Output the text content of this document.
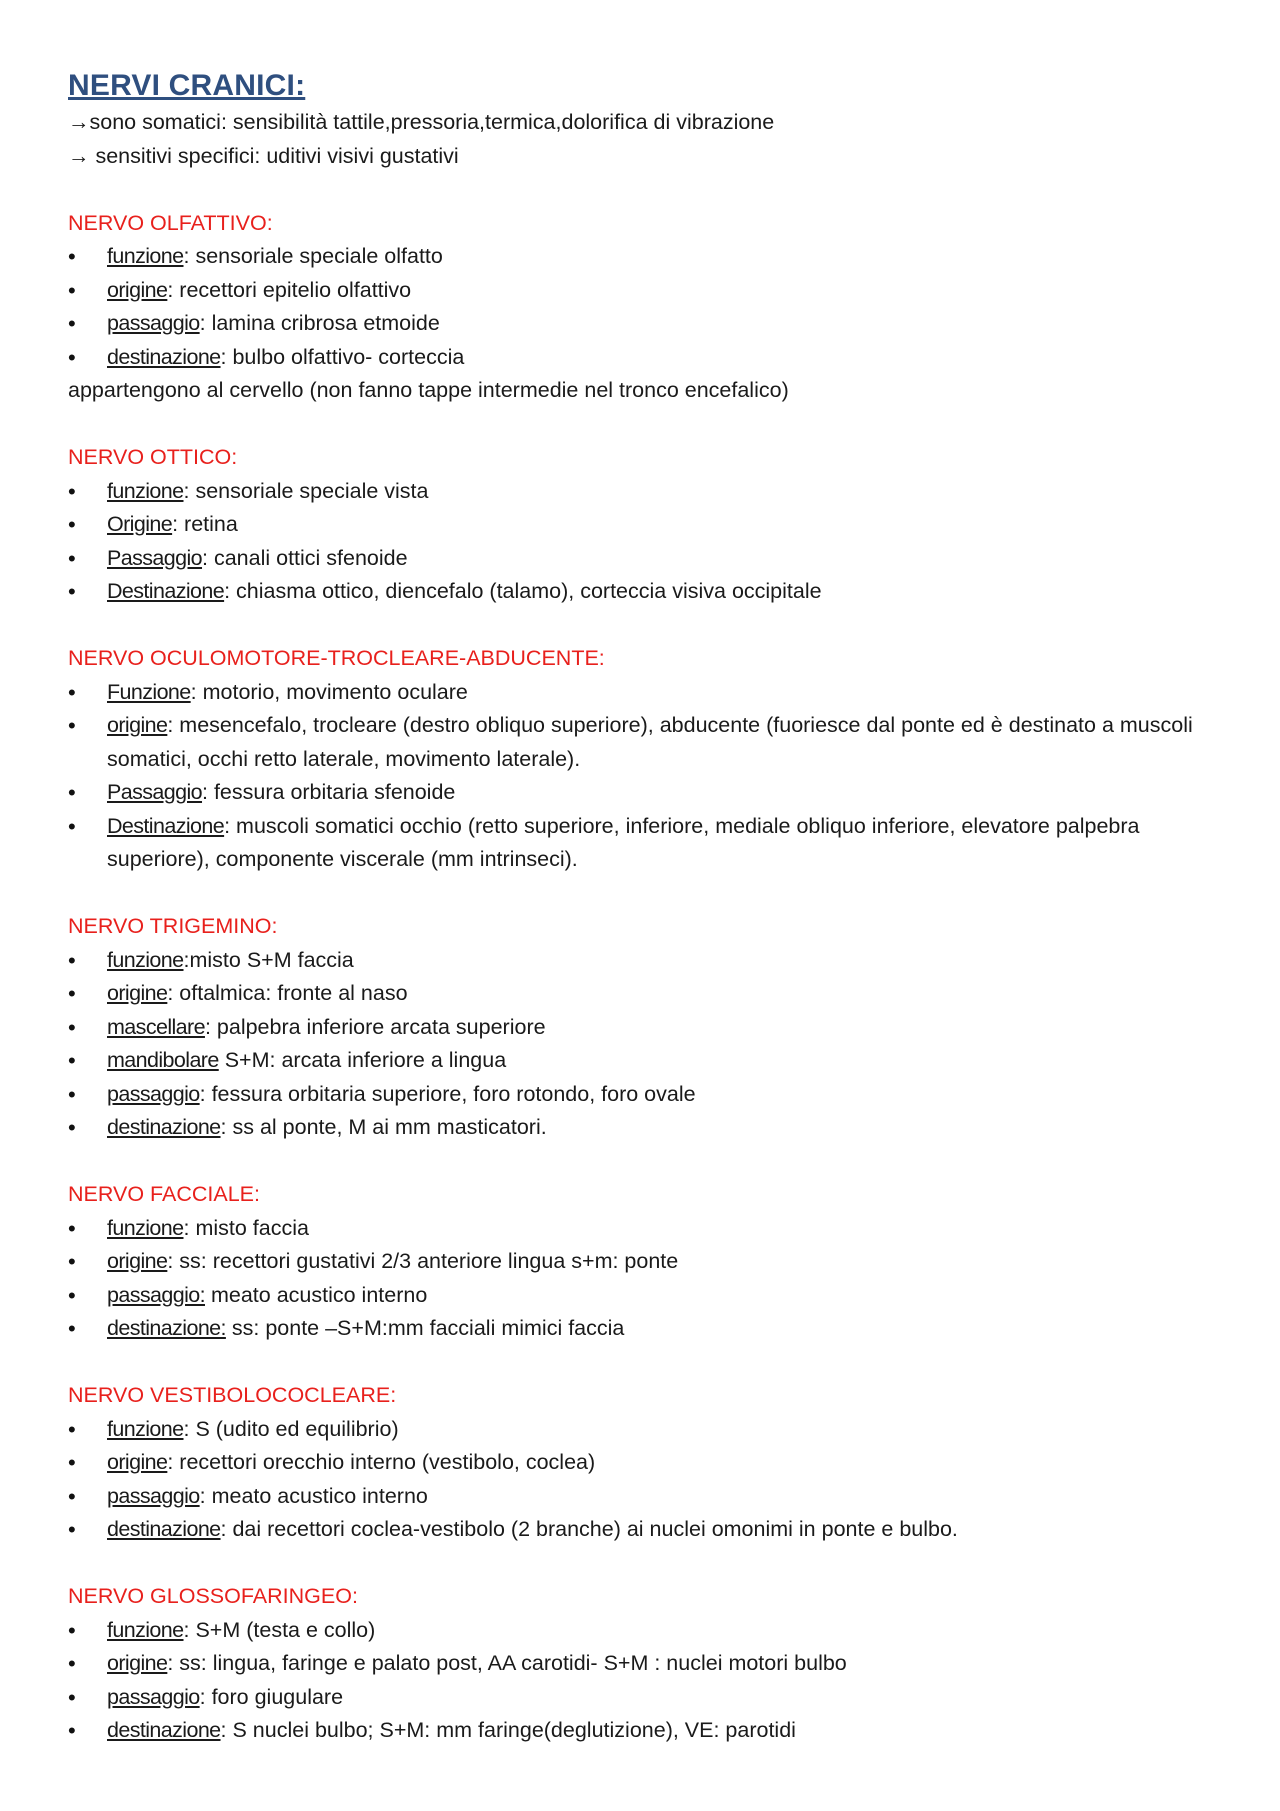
NERVI CRANICI:

→sono somatici: sensibilità tattile,pressoria,termica,dolorifica di vibrazione

→ sensitivi specifici: uditivi visivi gustativi

NERVO OLFATTIVO:

• funzione: sensoriale speciale olfatto
• origine: recettori epitelio olfattivo
• passaggio: lamina cribrosa etmoide
• destinazione: bulbo olfattivo- corteccia

appartengono al cervello (non fanno tappe intermedie nel tronco encefalico)

NERVO OTTICO:

• funzione: sensoriale speciale vista
• Origine: retina
• Passaggio: canali ottici sfenoide
• Destinazione: chiasma ottico, diencefalo (talamo), corteccia visiva occipitale

NERVO OCULOMOTORE-TROCLEARE-ABDUCENTE:

• Funzione: motorio, movimento oculare
• origine: mesencefalo, trocleare (destro obliquo superiore), abducente (fuoriesce dal ponte ed è destinato a muscoli somatici, occhi retto laterale, movimento laterale).
• Passaggio: fessura orbitaria sfenoide
• Destinazione: muscoli somatici occhio (retto superiore, inferiore, mediale obliquo inferiore, elevatore palpebra superiore), componente viscerale (mm intrinseci).

NERVO TRIGEMINO:

• funzione:misto S+M faccia
• origine: oftalmica: fronte al naso
• mascellare: palpebra inferiore arcata superiore
• mandibolare S+M: arcata inferiore a lingua
• passaggio: fessura orbitaria superiore, foro rotondo, foro ovale
• destinazione: ss al ponte, M ai mm masticatori.

NERVO FACCIALE:

• funzione: misto faccia
• origine: ss: recettori gustativi 2/3 anteriore lingua s+m: ponte
• passaggio: meato acustico interno
• destinazione: ss: ponte –S+M:mm facciali mimici faccia

NERVO VESTIBOLOCOCLEARE:

• funzione: S (udito ed equilibrio)
• origine: recettori orecchio interno (vestibolo, coclea)
• passaggio: meato acustico interno
• destinazione: dai recettori coclea-vestibolo (2 branche) ai nuclei omonimi in ponte e bulbo.

NERVO GLOSSOFARINGEO:

• funzione: S+M (testa e collo)
• origine: ss: lingua, faringe e palato post, AA carotidi- S+M : nuclei motori bulbo
• passaggio: foro giugulare
• destinazione: S nuclei bulbo; S+M: mm faringe(deglutizione), VE: parotidi
